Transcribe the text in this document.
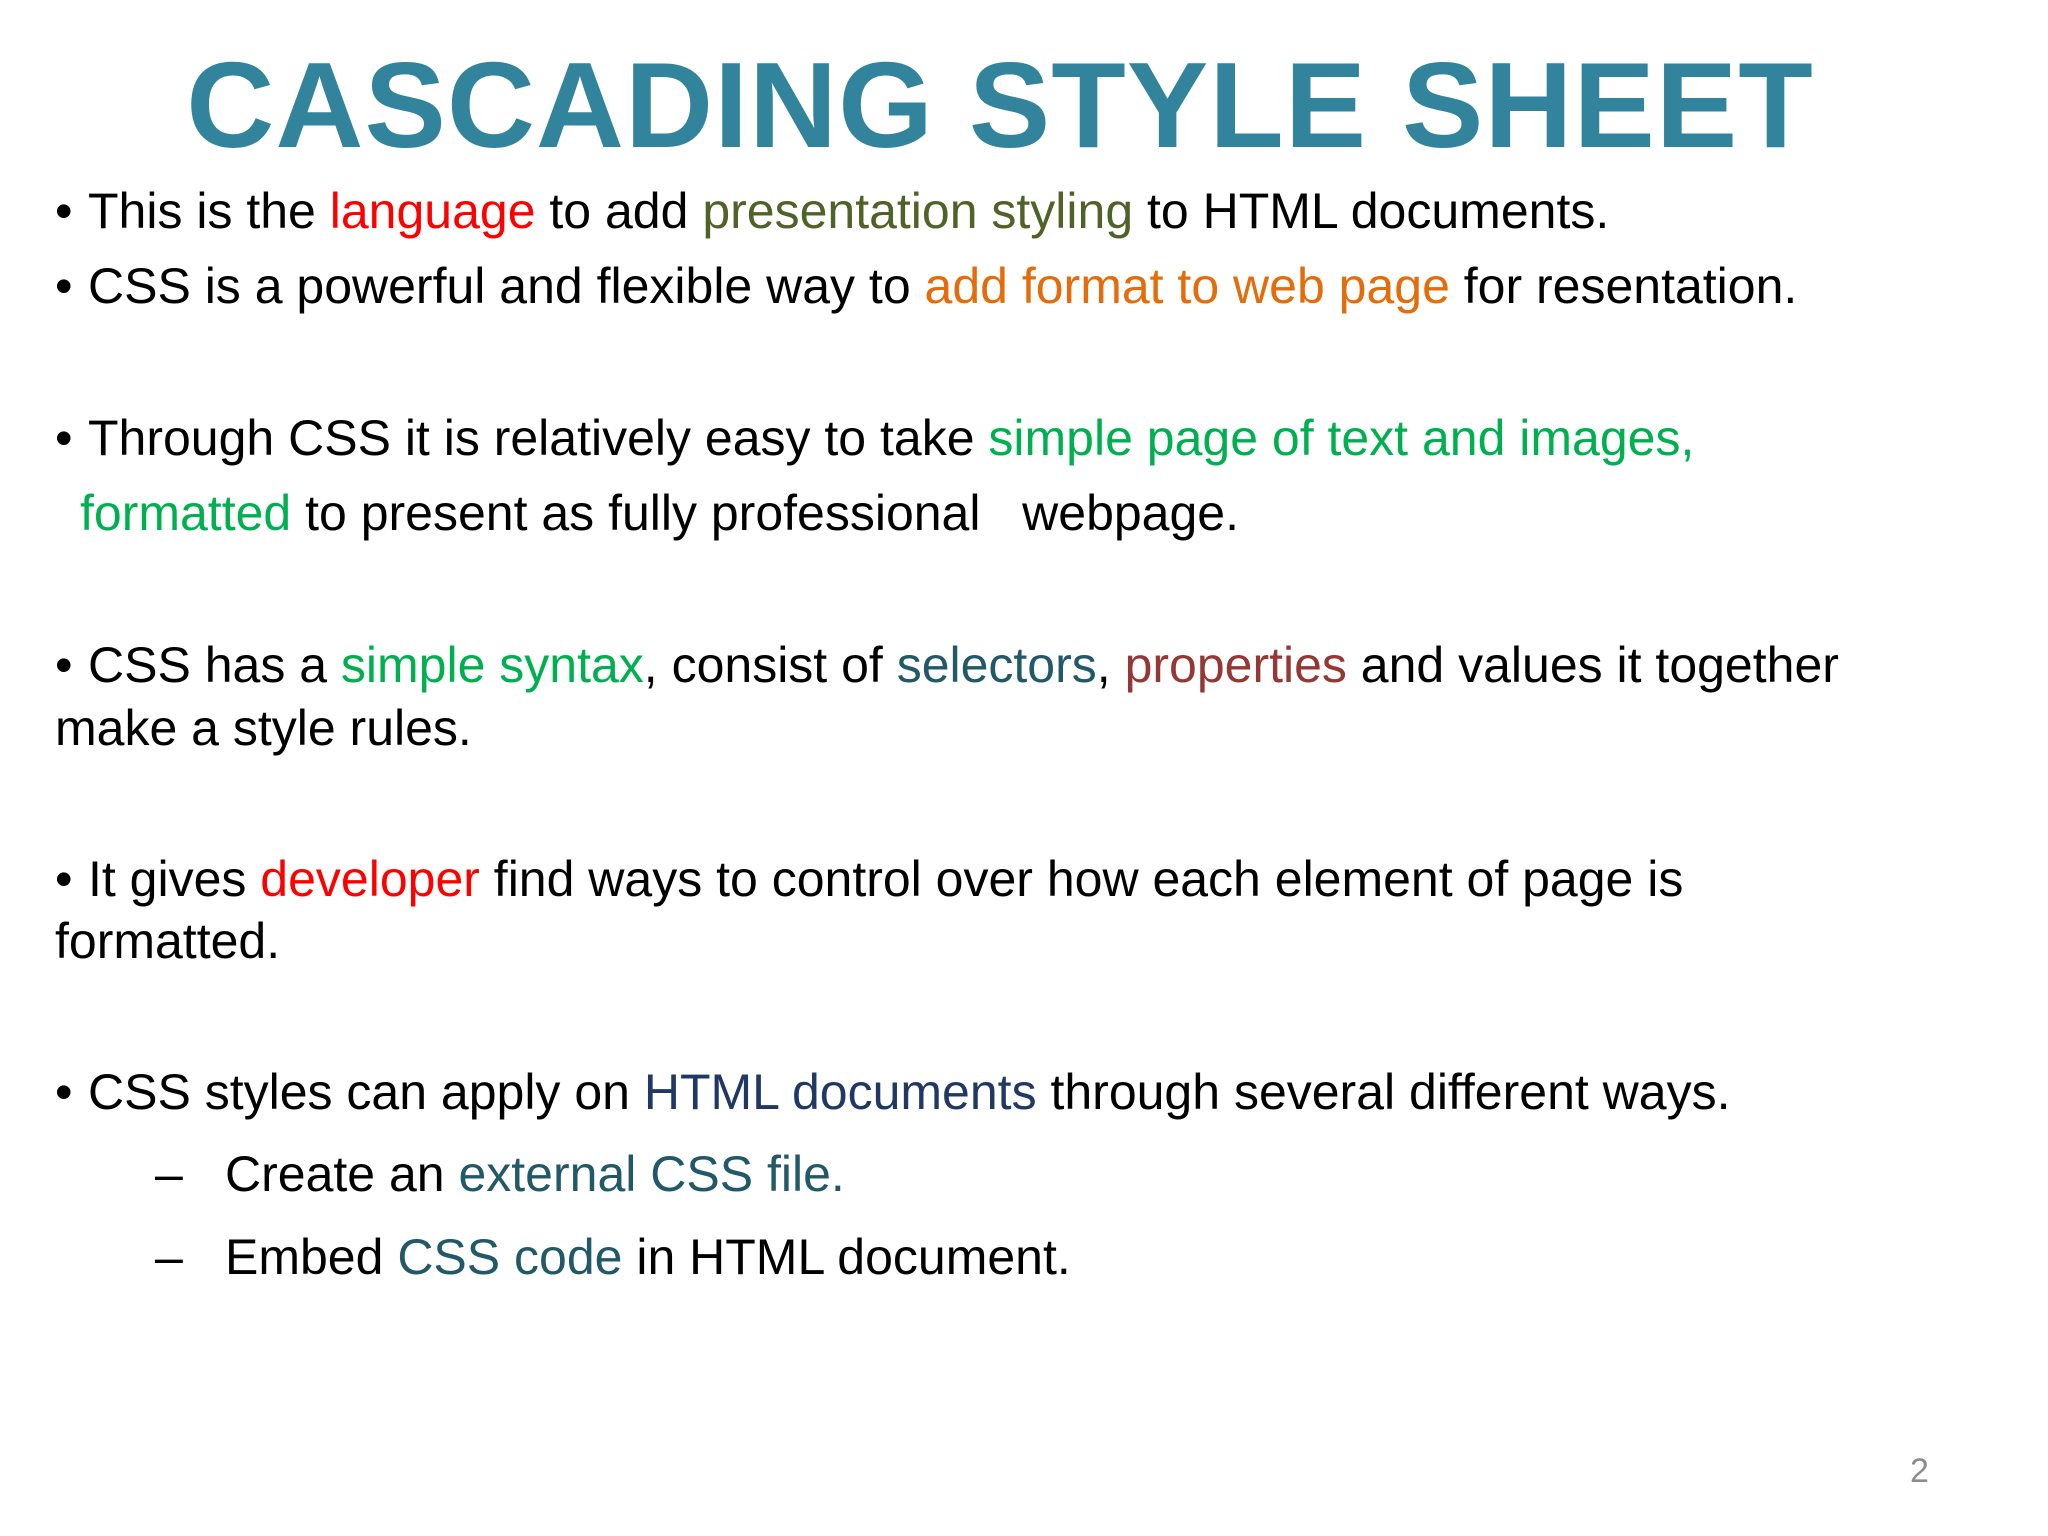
CASCADING STYLE SHEET

• This is the language to add presentation styling to HTML documents.

• CSS is a powerful and flexible way to add format to web page for resentation.

• Through CSS it is relatively easy to take simple page of text and images,

formatted to present as fully professional   webpage.

• CSS has a simple syntax, consist of selectors, properties and values it together

make a style rules.

• It gives developer find ways to control over how each element of page is

formatted.

• CSS styles can apply on HTML documents through several different ways.

– Create an external CSS file.
– Embed CSS code in HTML document.
2
